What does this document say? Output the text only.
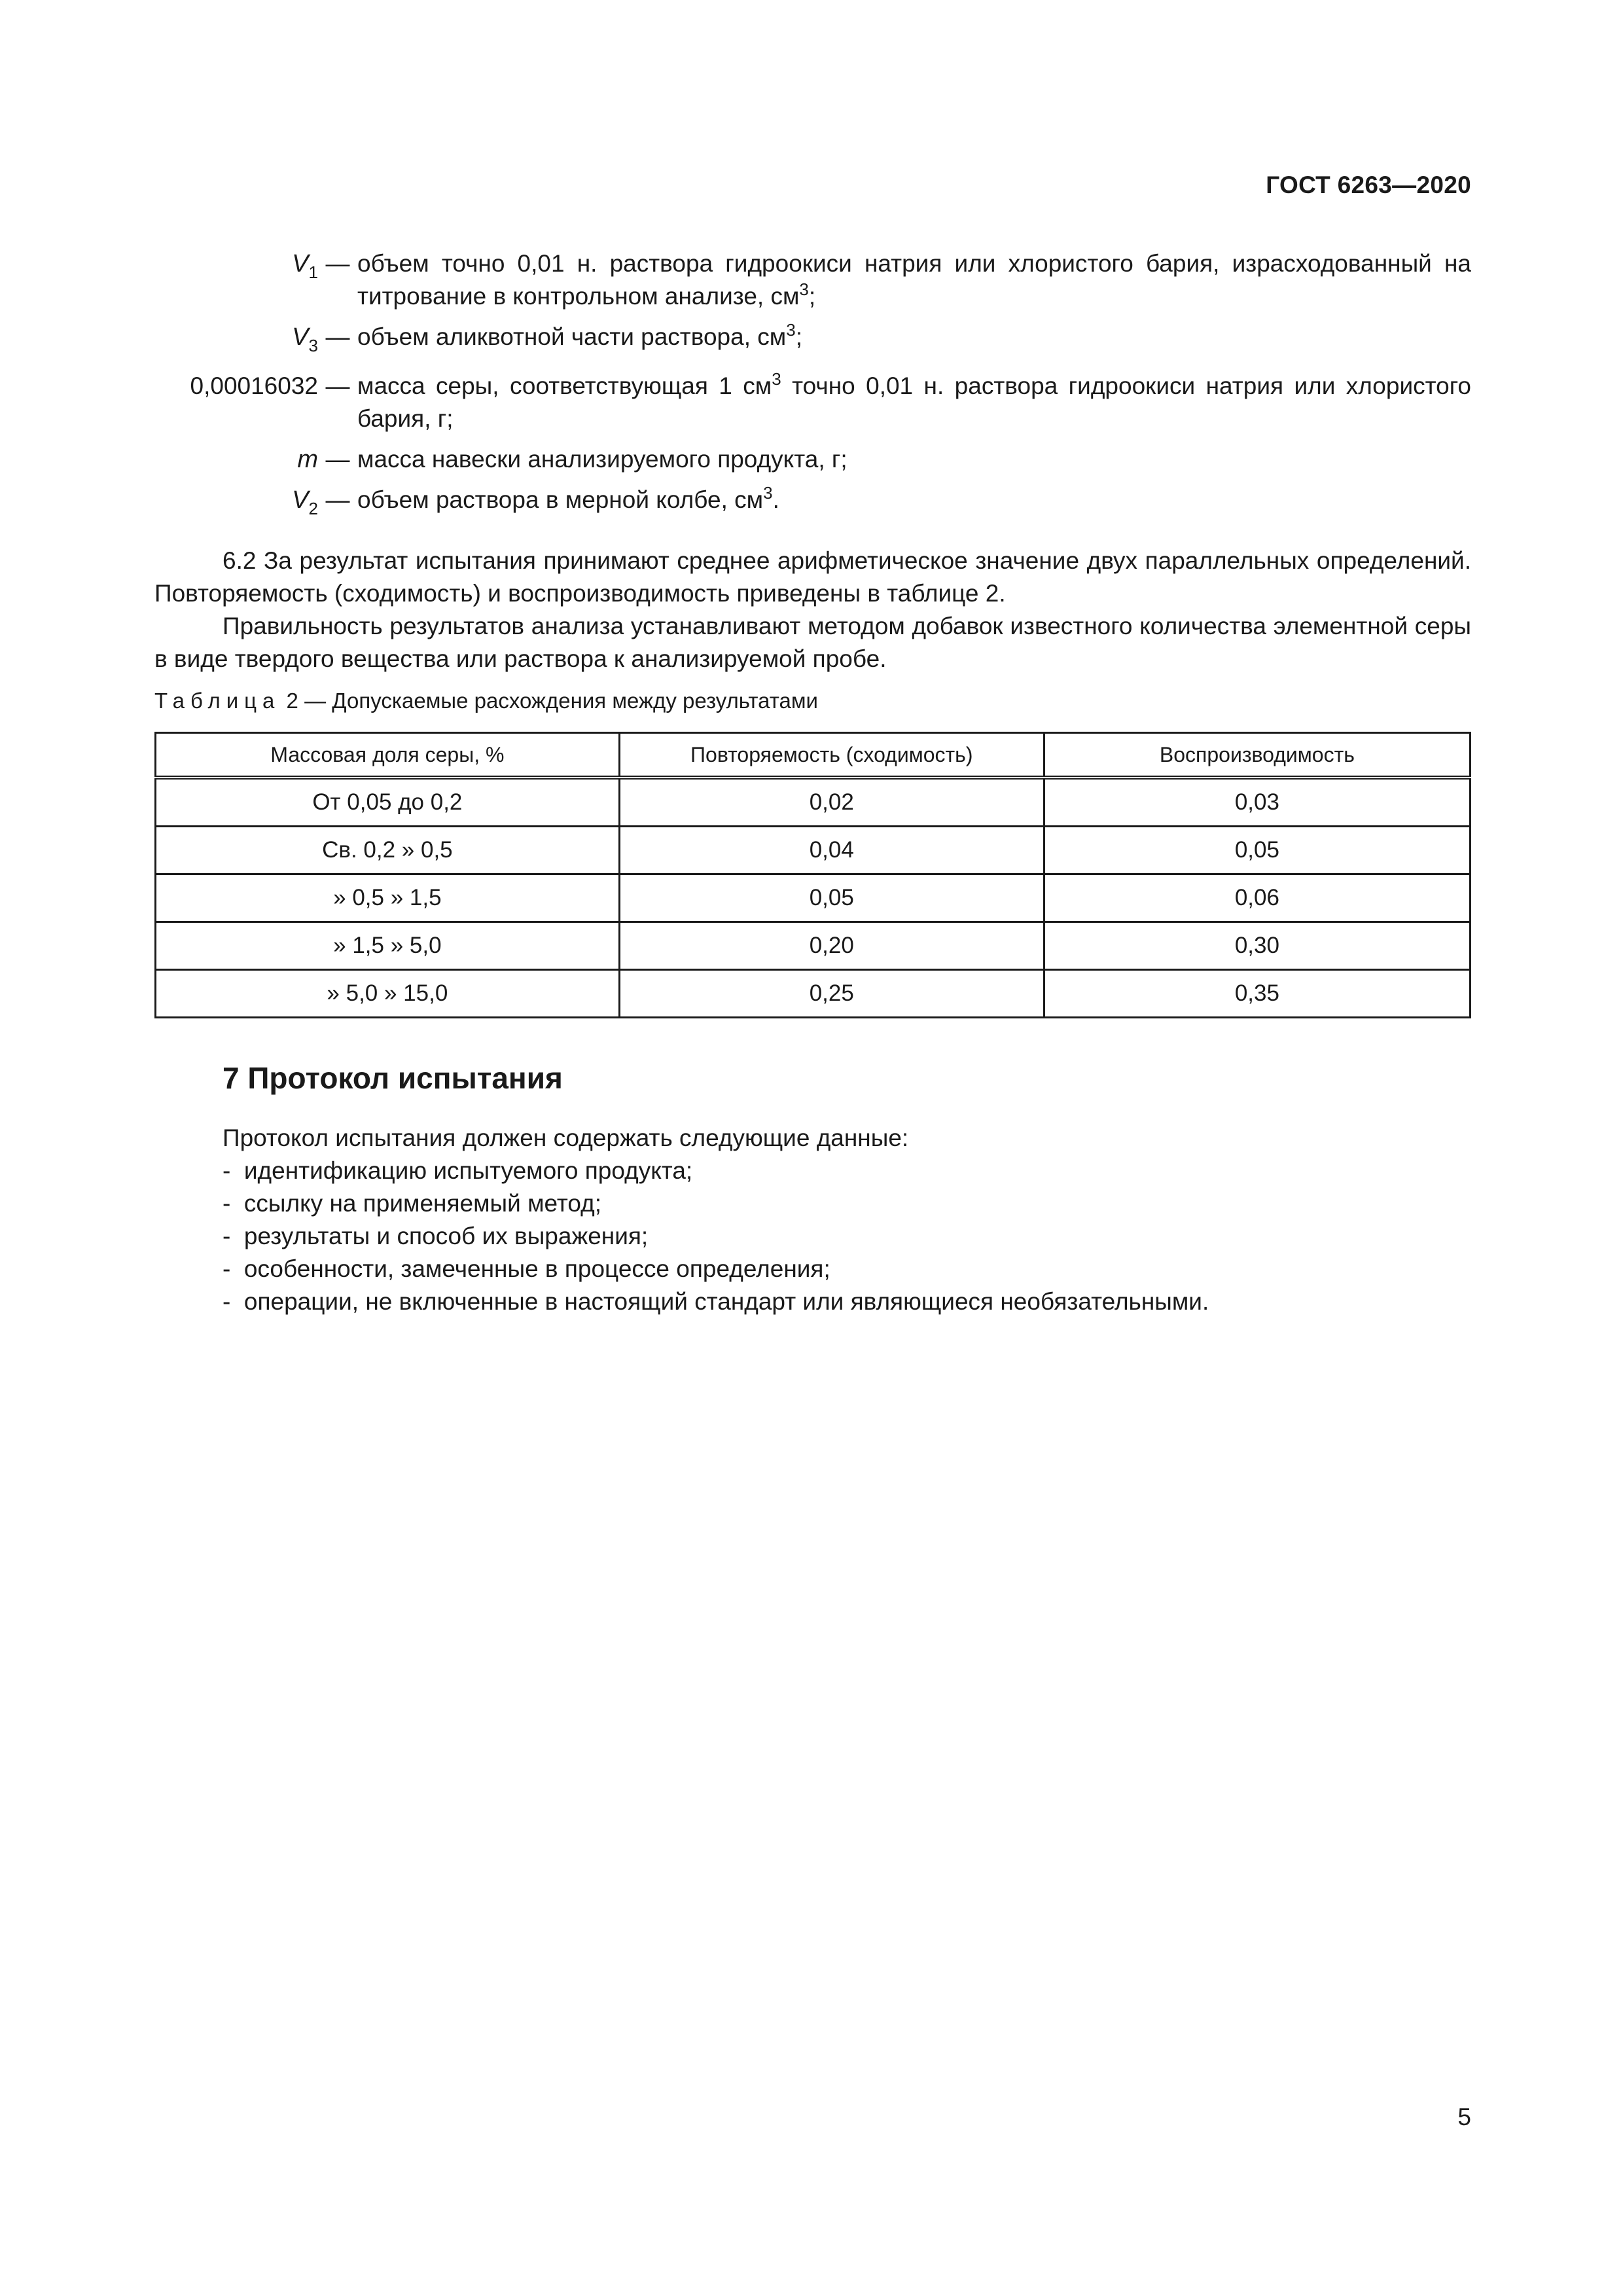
ГОСТ 6263—2020
$V_1$ — объем точно 0,01 н. раствора гидроокиси натрия или хлористого бария, израсходованный на титрование в контрольном анализе, $см^3$;
$V_3$ — объем аликвотной части раствора, $см^3$;
0,00016032 — масса серы, соответствующая 1 $см^3$ точно 0,01 н. раствора гидроокиси натрия или хлористого бария, г;
m — масса навески анализируемого продукта, г;
$V_2$ — объем раствора в мерной колбе, $см^3$.
6.2 За результат испытания принимают среднее арифметическое значение двух параллельных определений. Повторяемость (сходимость) и воспроизводимость приведены в таблице 2.
Правильность результатов анализа устанавливают методом добавок известного количества элементной серы в виде твердого вещества или раствора к анализируемой пробе.
Таблица 2 — Допускаемые расхождения между результатами
Массовая доля серы, %	Повторяемость (сходимость)	Воспроизводимость
От 0,05 до 0,2	0,02	0,03
Св. 0,2 » 0,5	0,04	0,05
» 0,5 » 1,5	0,05	0,06
» 1,5 » 5,0	0,20	0,30
» 5,0 » 15,0	0,25	0,35
7 Протокол испытания
Протокол испытания должен содержать следующие данные:
- идентификацию испытуемого продукта;
- ссылку на применяемый метод;
- результаты и способ их выражения;
- особенности, замеченные в процессе определения;
- операции, не включенные в настоящий стандарт или являющиеся необязательными.
5
